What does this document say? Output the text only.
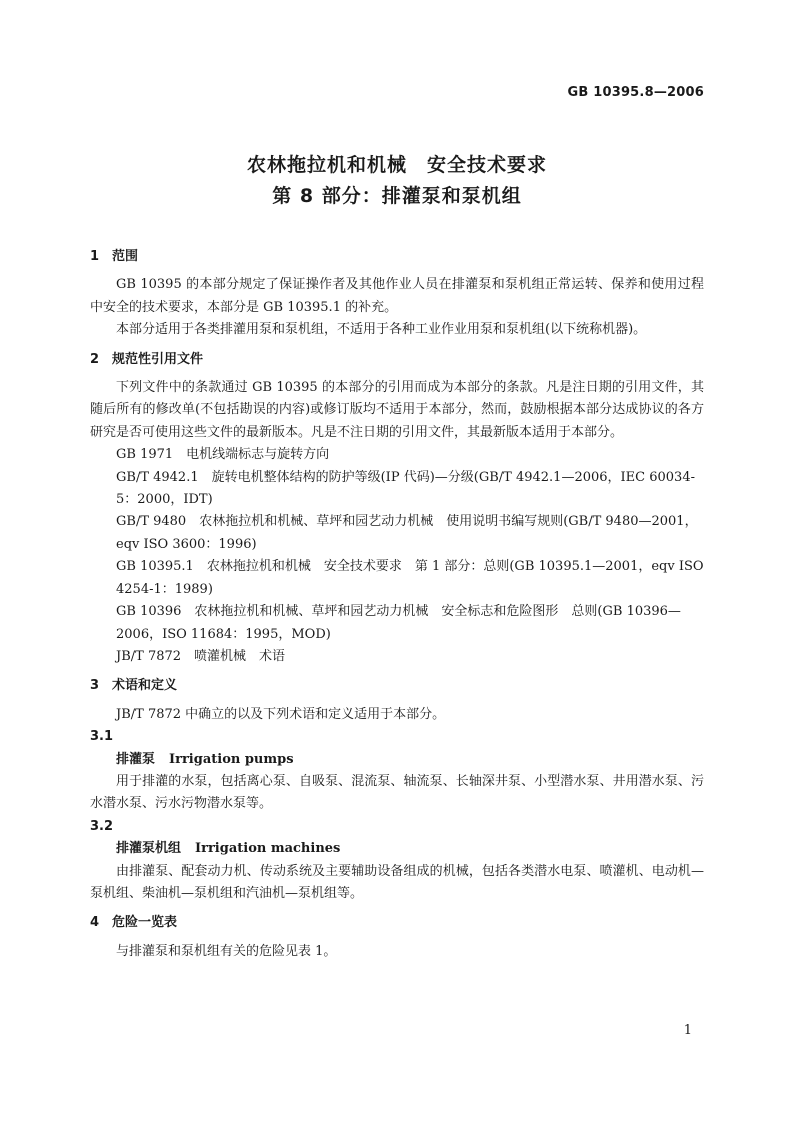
GB 10395.8—2006
农林拖拉机和机械　安全技术要求
第 8 部分：排灌泵和泵机组
1 范围
GB 10395 的本部分规定了保证操作者及其他作业人员在排灌泵和泵机组正常运转、保养和使用过程中安全的技术要求，本部分是 GB 10395.1 的补充。
本部分适用于各类排灌用泵和泵机组，不适用于各种工业作业用泵和泵机组(以下统称机器)。
2 规范性引用文件
下列文件中的条款通过 GB 10395 的本部分的引用而成为本部分的条款。凡是注日期的引用文件，其随后所有的修改单(不包括勘误的内容)或修订版均不适用于本部分，然而，鼓励根据本部分达成协议的各方研究是否可使用这些文件的最新版本。凡是不注日期的引用文件，其最新版本适用于本部分。
GB 1971　电机线端标志与旋转方向
GB/T 4942.1　旋转电机整体结构的防护等级(IP 代码)—分级(GB/T 4942.1—2006，IEC 60034-5：2000，IDT)
GB/T 9480　农林拖拉机和机械、草坪和园艺动力机械　使用说明书编写规则(GB/T 9480—2001，eqv ISO 3600：1996)
GB 10395.1　农林拖拉机和机械　安全技术要求　第 1 部分：总则(GB 10395.1—2001，eqv ISO 4254-1：1989)
GB 10396　农林拖拉机和机械、草坪和园艺动力机械　安全标志和危险图形　总则(GB 10396—2006，ISO 11684：1995，MOD)
JB/T 7872　喷灌机械　术语
3 术语和定义
JB/T 7872 中确立的以及下列术语和定义适用于本部分。
3.1
排灌泵 Irrigation pumps
用于排灌的水泵，包括离心泵、自吸泵、混流泵、轴流泵、长轴深井泵、小型潜水泵、井用潜水泵、污水潜水泵、污水污物潜水泵等。
3.2
排灌泵机组 Irrigation machines
由排灌泵、配套动力机、传动系统及主要辅助设备组成的机械，包括各类潜水电泵、喷灌机、电动机—泵机组、柴油机—泵机组和汽油机—泵机组等。
4 危险一览表
与排灌泵和泵机组有关的危险见表 1。
1
